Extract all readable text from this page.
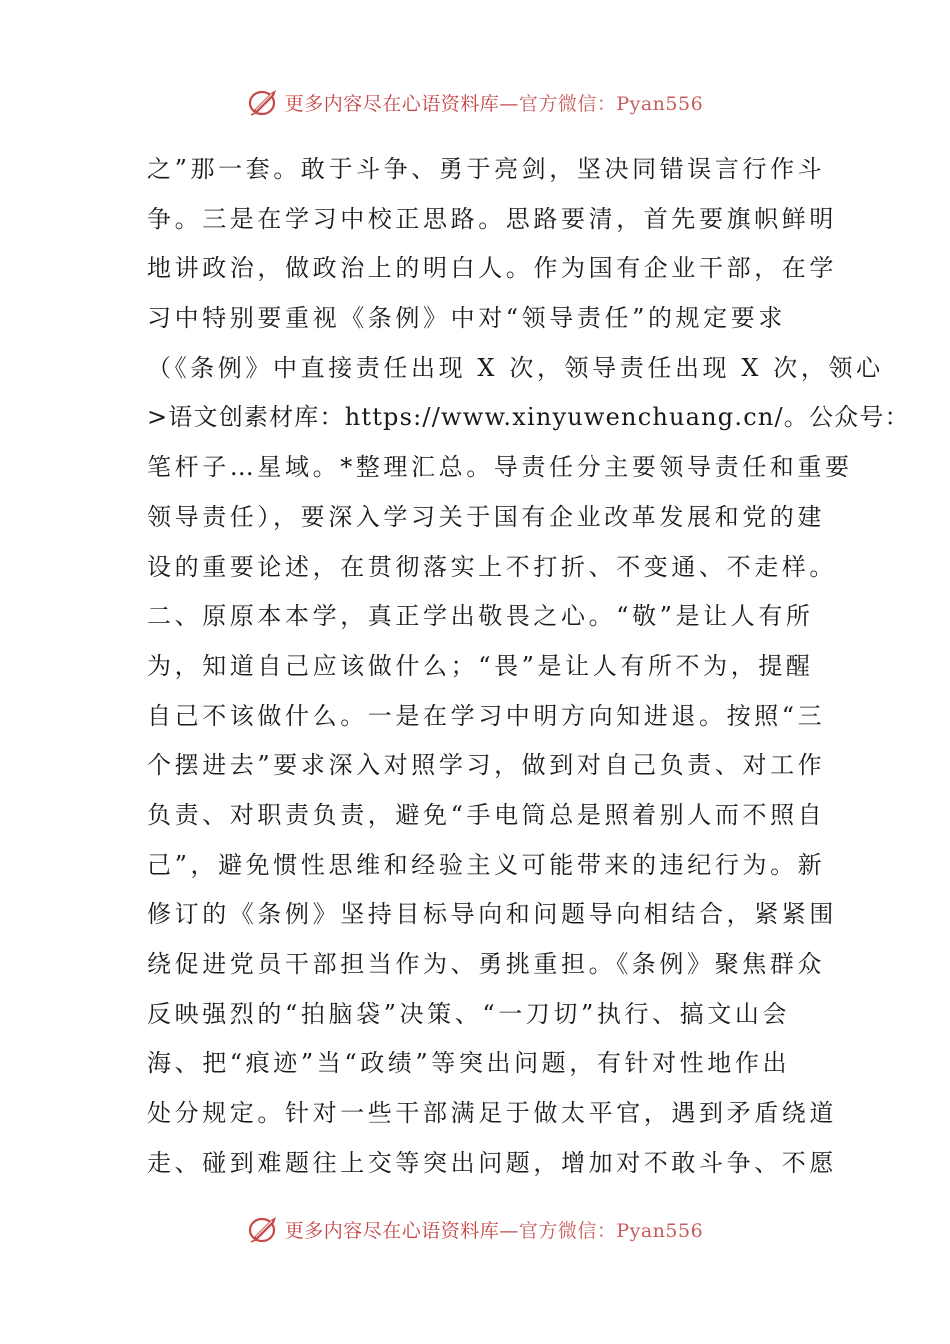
更多内容尽在心语资料库—官方微信：Pyan556
之”那一套。敢于斗争、勇于亮剑，坚决同错误言行作斗
争。三是在学习中校正思路。思路要清，首先要旗帜鲜明
地讲政治，做政治上的明白人。作为国有企业干部，在学
习中特别要重视《条例》中对“领导责任”的规定要求
（《条例》中直接责任出现 X 次，领导责任出现 X 次，领心
>语文创素材库：https://www.xinyuwenchuang.cn/。公众号：
笔杆子…星域。*整理汇总。导责任分主要领导责任和重要
领导责任），要深入学习关于国有企业改革发展和党的建
设的重要论述，在贯彻落实上不打折、不变通、不走样。
二、原原本本学，真正学出敬畏之心。“敬”是让人有所
为，知道自己应该做什么；“畏”是让人有所不为，提醒
自己不该做什么。一是在学习中明方向知进退。按照“三
个摆进去”要求深入对照学习，做到对自己负责、对工作
负责、对职责负责，避免“手电筒总是照着别人而不照自
己”，避免惯性思维和经验主义可能带来的违纪行为。新
修订的《条例》坚持目标导向和问题导向相结合，紧紧围
绕促进党员干部担当作为、勇挑重担。《条例》聚焦群众
反映强烈的“拍脑袋”决策、“一刀切”执行、搞文山会
海、把“痕迹”当“政绩”等突出问题，有针对性地作出
处分规定。针对一些干部满足于做太平官，遇到矛盾绕道
走、碰到难题往上交等突出问题，增加对不敢斗争、不愿
更多内容尽在心语资料库—官方微信：Pyan556
